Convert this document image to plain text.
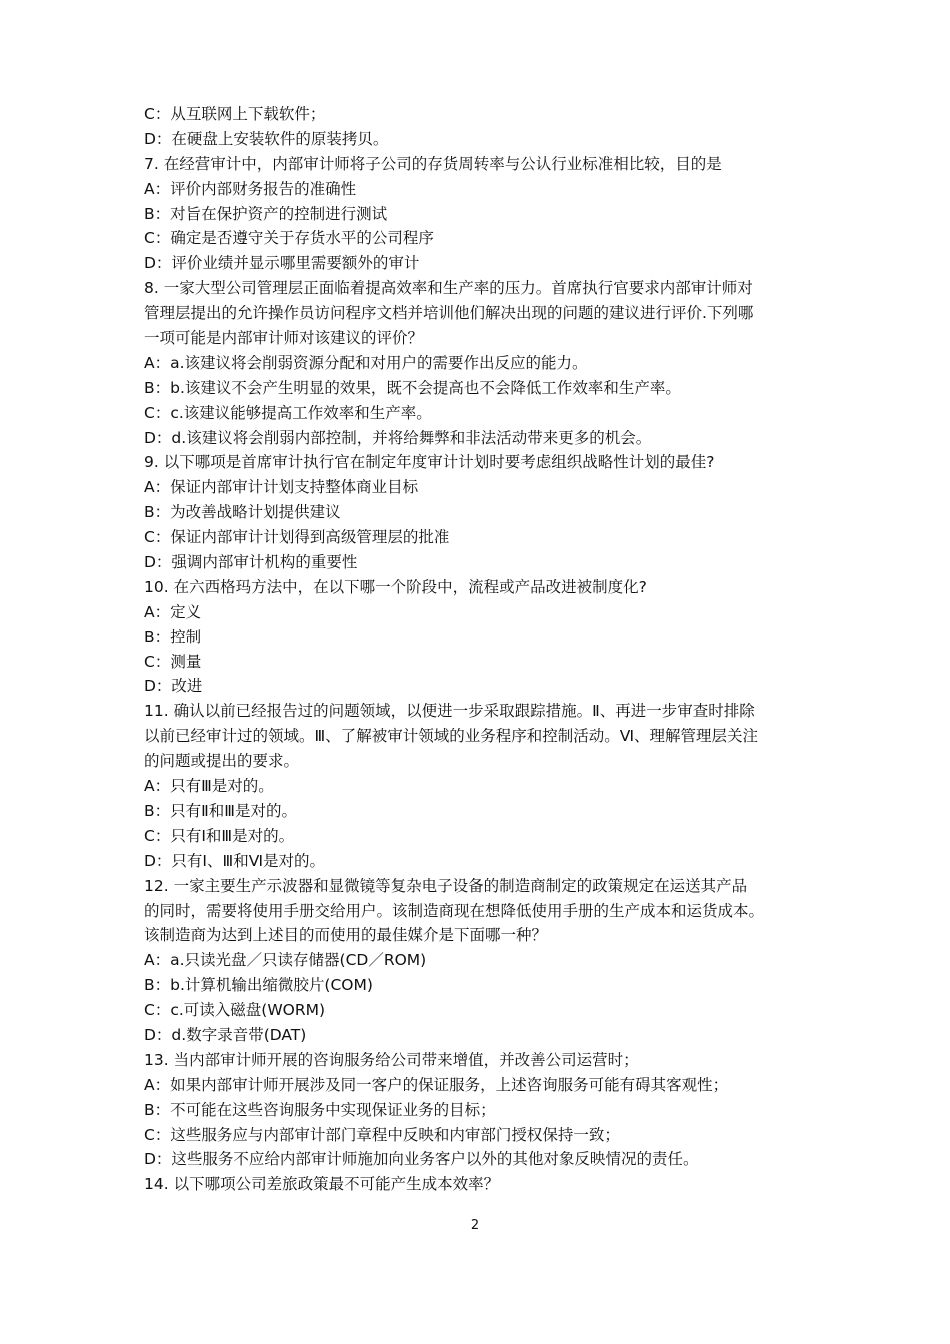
C：从互联网上下载软件；
D：在硬盘上安装软件的原装拷贝。
7. 在经营审计中，内部审计师将子公司的存货周转率与公认行业标准相比较，目的是
A：评价内部财务报告的准确性
B：对旨在保护资产的控制进行测试
C：确定是否遵守关于存货水平的公司程序
D：评价业绩并显示哪里需要额外的审计
8. 一家大型公司管理层正面临着提高效率和生产率的压力。首席执行官要求内部审计师对
管理层提出的允许操作员访问程序文档并培训他们解决出现的问题的建议进行评价.下列哪
一项可能是内部审计师对该建议的评价？
A：a.该建议将会削弱资源分配和对用户的需要作出反应的能力。
B：b.该建议不会产生明显的效果，既不会提高也不会降低工作效率和生产率。
C：c.该建议能够提高工作效率和生产率。
D：d.该建议将会削弱内部控制，并将给舞弊和非法活动带来更多的机会。
9. 以下哪项是首席审计执行官在制定年度审计计划时要考虑组织战略性计划的最佳?
A：保证内部审计计划支持整体商业目标
B：为改善战略计划提供建议
C：保证内部审计计划得到高级管理层的批准
D：强调内部审计机构的重要性
10. 在六西格玛方法中，在以下哪一个阶段中，流程或产品改进被制度化?
A：定义
B：控制
C：测量
D：改进
11. 确认以前已经报告过的问题领域，以便进一步采取跟踪措施。Ⅱ、再进一步审查时排除
以前已经审计过的领域。Ⅲ、了解被审计领域的业务程序和控制活动。Ⅵ、理解管理层关注
的问题或提出的要求。
A：只有Ⅲ是对的。
B：只有Ⅱ和Ⅲ是对的。
C：只有Ⅰ和Ⅲ是对的。
D：只有Ⅰ、Ⅲ和Ⅵ是对的。
12. 一家主要生产示波器和显微镜等复杂电子设备的制造商制定的政策规定在运送其产品
的同时，需要将使用手册交给用户。该制造商现在想降低使用手册的生产成本和运货成本。
该制造商为达到上述目的而使用的最佳媒介是下面哪一种？
A：a.只读光盘／只读存储器(CD／ROM)
B：b.计算机输出缩微胶片(COM)
C：c.可读入磁盘(WORM)
D：d.数字录音带(DAT)
13. 当内部审计师开展的咨询服务给公司带来增值，并改善公司运营时；
A：如果内部审计师开展涉及同一客户的保证服务，上述咨询服务可能有碍其客观性；
B：不可能在这些咨询服务中实现保证业务的目标；
C：这些服务应与内部审计部门章程中反映和内审部门授权保持一致；
D：这些服务不应给内部审计师施加向业务客户以外的其他对象反映情况的责任。
14. 以下哪项公司差旅政策最不可能产生成本效率？
2
